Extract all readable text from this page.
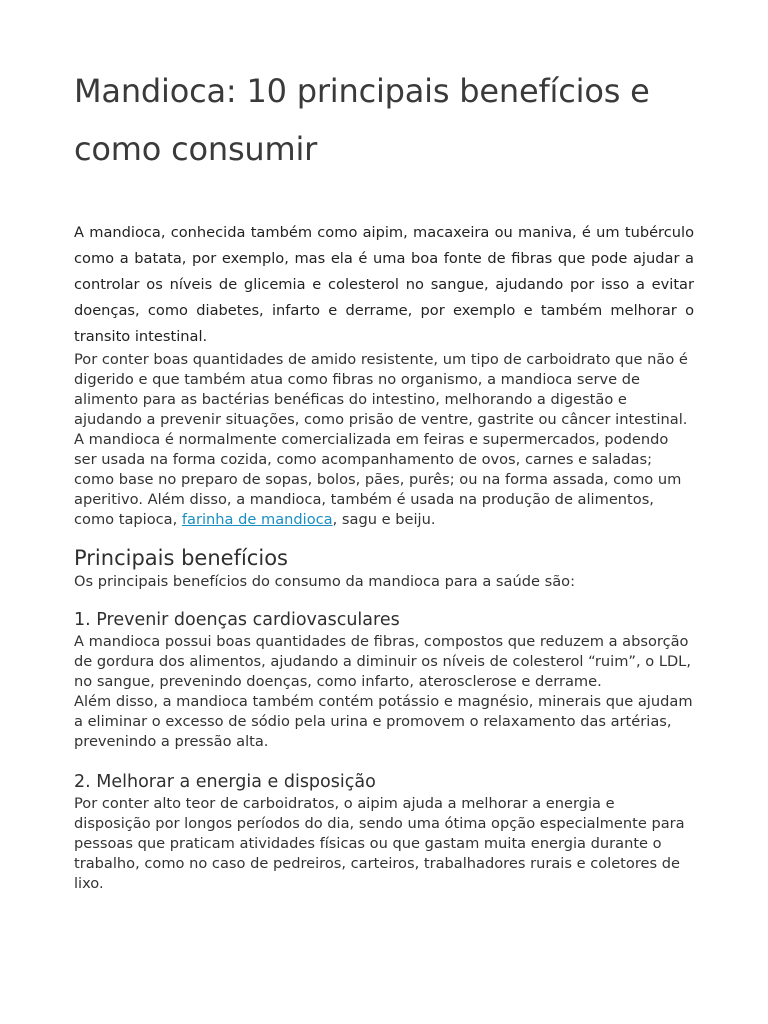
Mandioca: 10 principais benefícios e como consumir

A mandioca, conhecida também como aipim, macaxeira ou maniva, é um tubérculo como a batata, por exemplo, mas ela é uma boa fonte de fibras que pode ajudar a controlar os níveis de glicemia e colesterol no sangue, ajudando por isso a evitar doenças, como diabetes, infarto e derrame, por exemplo e também melhorar o transito intestinal.

Por conter boas quantidades de amido resistente, um tipo de carboidrato que não é digerido e que também atua como fibras no organismo, a mandioca serve de alimento para as bactérias benéficas do intestino, melhorando a digestão e ajudando a prevenir situações, como prisão de ventre, gastrite ou câncer intestinal.

A mandioca é normalmente comercializada em feiras e supermercados, podendo ser usada na forma cozida, como acompanhamento de ovos, carnes e saladas; como base no preparo de sopas, bolos, pães, purês; ou na forma assada, como um aperitivo. Além disso, a mandioca, também é usada na produção de alimentos, como tapioca, farinha de mandioca, sagu e beiju.

Principais benefícios

Os principais benefícios do consumo da mandioca para a saúde são:

1. Prevenir doenças cardiovasculares

A mandioca possui boas quantidades de fibras, compostos que reduzem a absorção de gordura dos alimentos, ajudando a diminuir os níveis de colesterol “ruim”, o LDL, no sangue, prevenindo doenças, como infarto, aterosclerose e derrame.

Além disso, a mandioca também contém potássio e magnésio, minerais que ajudam a eliminar o excesso de sódio pela urina e promovem o relaxamento das artérias, prevenindo a pressão alta.

2. Melhorar a energia e disposição

Por conter alto teor de carboidratos, o aipim ajuda a melhorar a energia e disposição por longos períodos do dia, sendo uma ótima opção especialmente para pessoas que praticam atividades físicas ou que gastam muita energia durante o trabalho, como no caso de pedreiros, carteiros, trabalhadores rurais e coletores de lixo.
